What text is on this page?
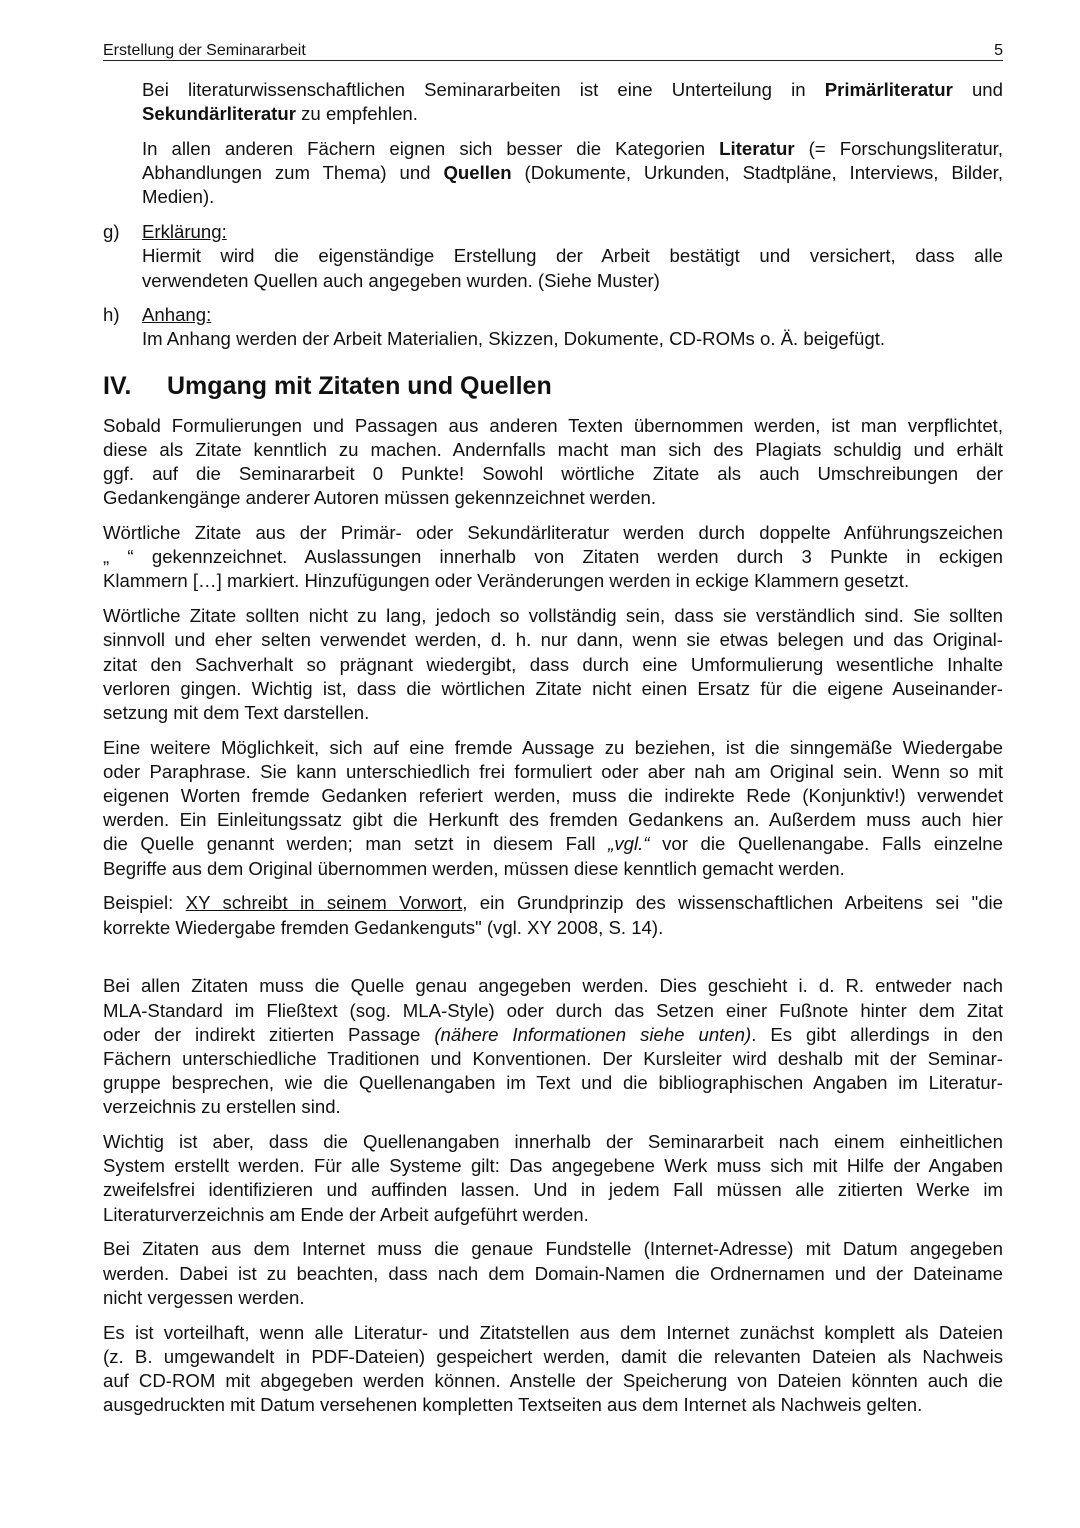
Erstellung der Seminararbeit	5
Bei literaturwissenschaftlichen Seminararbeiten ist eine Unterteilung in Primärliteratur und
Sekundärliteratur zu empfehlen.
In allen anderen Fächern eignen sich besser die Kategorien Literatur (= Forschungsliteratur,
Abhandlungen zum Thema) und Quellen (Dokumente, Urkunden, Stadtpläne, Interviews, Bilder,
Medien).
g) Erklärung:
Hiermit wird die eigenständige Erstellung der Arbeit bestätigt und versichert, dass alle
verwendeten Quellen auch angegeben wurden. (Siehe Muster)
h) Anhang:
Im Anhang werden der Arbeit Materialien, Skizzen, Dokumente, CD-ROMs o. Ä. beigefügt.
IV.	Umgang mit Zitaten und Quellen
Sobald Formulierungen und Passagen aus anderen Texten übernommen werden, ist man verpflichtet,
diese als Zitate kenntlich zu machen. Andernfalls macht man sich des Plagiats schuldig und erhält
ggf. auf die Seminararbeit 0 Punkte! Sowohl wörtliche Zitate als auch Umschreibungen der
Gedankengänge anderer Autoren müssen gekennzeichnet werden.
Wörtliche Zitate aus der Primär- oder Sekundärliteratur werden durch doppelte Anführungszeichen
„ “ gekennzeichnet. Auslassungen innerhalb von Zitaten werden durch 3 Punkte in eckigen
Klammern […] markiert. Hinzufügungen oder Veränderungen werden in eckige Klammern gesetzt.
Wörtliche Zitate sollten nicht zu lang, jedoch so vollständig sein, dass sie verständlich sind. Sie sollten
sinnvoll und eher selten verwendet werden, d. h. nur dann, wenn sie etwas belegen und das Original-
zitat den Sachverhalt so prägnant wiedergibt, dass durch eine Umformulierung wesentliche Inhalte
verloren gingen. Wichtig ist, dass die wörtlichen Zitate nicht einen Ersatz für die eigene Auseinander-
setzung mit dem Text darstellen.
Eine weitere Möglichkeit, sich auf eine fremde Aussage zu beziehen, ist die sinngemäße Wiedergabe
oder Paraphrase. Sie kann unterschiedlich frei formuliert oder aber nah am Original sein. Wenn so mit
eigenen Worten fremde Gedanken referiert werden, muss die indirekte Rede (Konjunktiv!) verwendet
werden. Ein Einleitungssatz gibt die Herkunft des fremden Gedankens an. Außerdem muss auch hier
die Quelle genannt werden; man setzt in diesem Fall „vgl.“ vor die Quellenangabe. Falls einzelne
Begriffe aus dem Original übernommen werden, müssen diese kenntlich gemacht werden.
Beispiel: XY schreibt in seinem Vorwort, ein Grundprinzip des wissenschaftlichen Arbeitens sei "die
korrekte Wiedergabe fremden Gedankenguts" (vgl. XY 2008, S. 14).
Bei allen Zitaten muss die Quelle genau angegeben werden. Dies geschieht i. d. R. entweder nach
MLA-Standard im Fließtext (sog. MLA-Style) oder durch das Setzen einer Fußnote hinter dem Zitat
oder der indirekt zitierten Passage (nähere Informationen siehe unten). Es gibt allerdings in den
Fächern unterschiedliche Traditionen und Konventionen. Der Kursleiter wird deshalb mit der Seminar-
gruppe besprechen, wie die Quellenangaben im Text und die bibliographischen Angaben im Literatur-
verzeichnis zu erstellen sind.
Wichtig ist aber, dass die Quellenangaben innerhalb der Seminararbeit nach einem einheitlichen
System erstellt werden. Für alle Systeme gilt: Das angegebene Werk muss sich mit Hilfe der Angaben
zweifelsfrei identifizieren und auffinden lassen. Und in jedem Fall müssen alle zitierten Werke im
Literaturverzeichnis am Ende der Arbeit aufgeführt werden.
Bei Zitaten aus dem Internet muss die genaue Fundstelle (Internet-Adresse) mit Datum angegeben
werden. Dabei ist zu beachten, dass nach dem Domain-Namen die Ordnernamen und der Dateiname
nicht vergessen werden.
Es ist vorteilhaft, wenn alle Literatur- und Zitatstellen aus dem Internet zunächst komplett als Dateien
(z. B. umgewandelt in PDF-Dateien) gespeichert werden, damit die relevanten Dateien als Nachweis
auf CD-ROM mit abgegeben werden können. Anstelle der Speicherung von Dateien könnten auch die
ausgedruckten mit Datum versehenen kompletten Textseiten aus dem Internet als Nachweis gelten.
